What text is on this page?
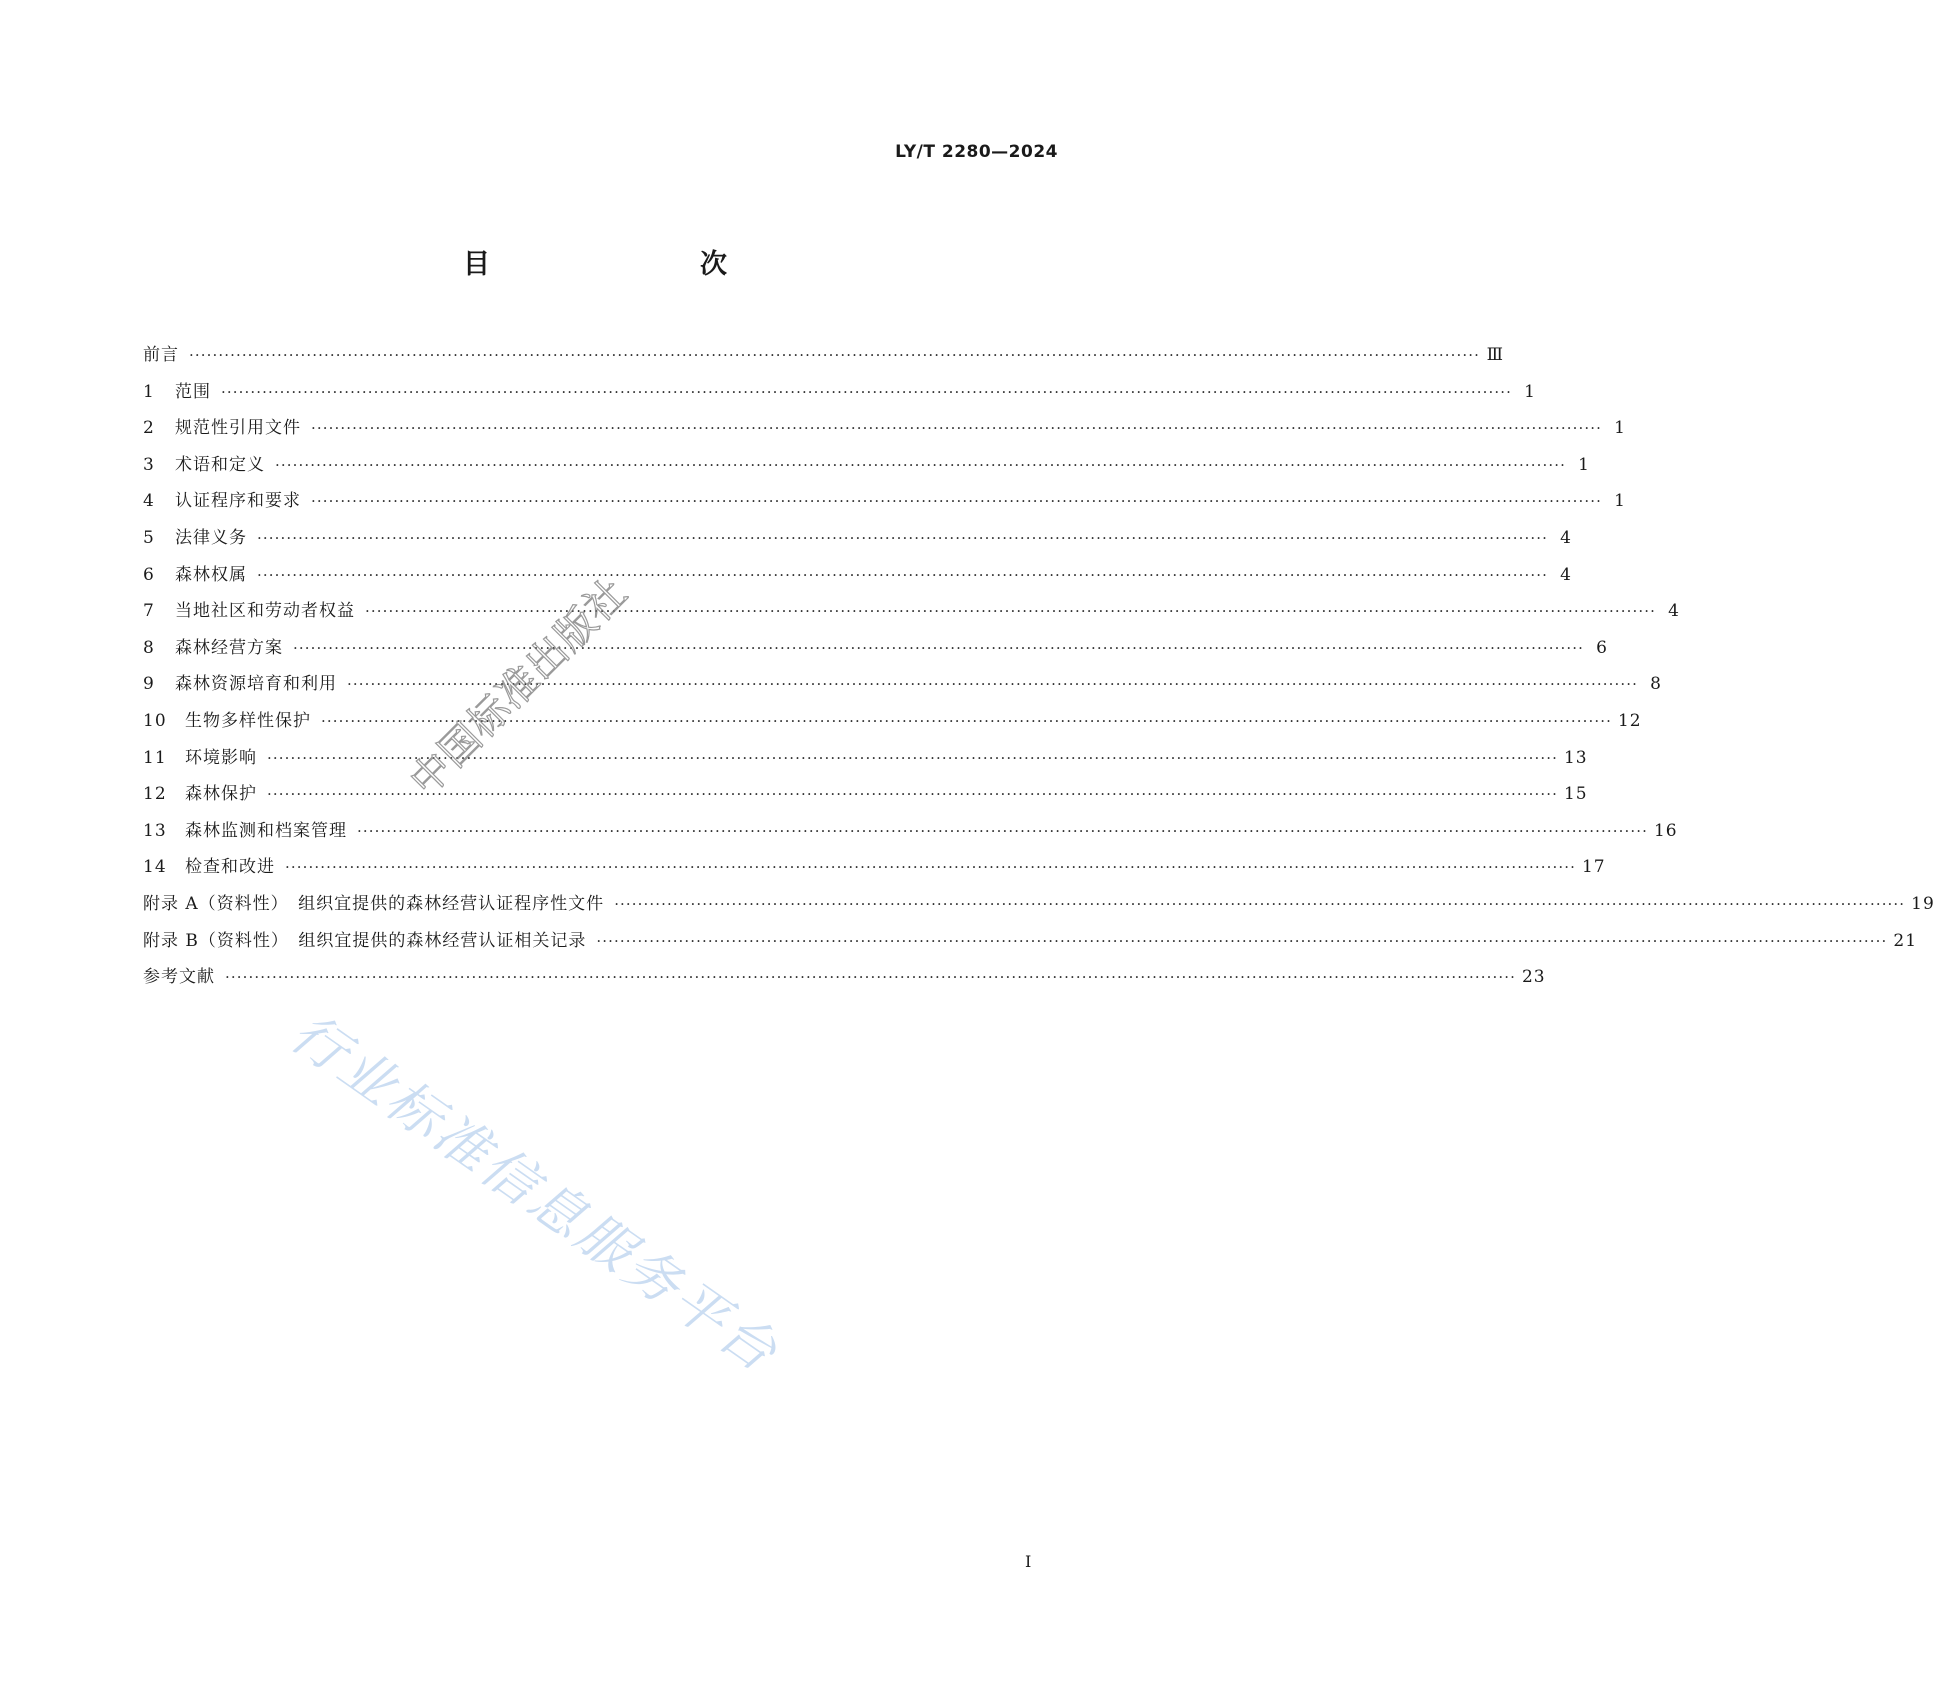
LY/T 2280—2024
目　　次
前言 ···························································································································································································································· Ⅲ
1	范围 ···························································································································································································································· 1
2	规范性引用文件 ···························································································································································································································· 1
3	术语和定义 ···························································································································································································································· 1
4	认证程序和要求 ···························································································································································································································· 1
5	法律义务 ···························································································································································································································· 4
6	森林权属 ···························································································································································································································· 4
7	当地社区和劳动者权益 ···························································································································································································································· 4
8	森林经营方案 ···························································································································································································································· 6
9	森林资源培育和利用 ···························································································································································································································· 8
10	生物多样性保护 ···························································································································································································································· 12
11	环境影响 ···························································································································································································································· 13
12	森林保护 ···························································································································································································································· 15
13	森林监测和档案管理 ···························································································································································································································· 16
14	检查和改进 ···························································································································································································································· 17
附录 A（资料性）　组织宜提供的森林经营认证程序性文件 ···························································································································································································································· 19
附录 B（资料性）　组织宜提供的森林经营认证相关记录 ···························································································································································································································· 21
参考文献 ···························································································································································································································· 23
I
中国标准出版社
行业标准信息服务平台
